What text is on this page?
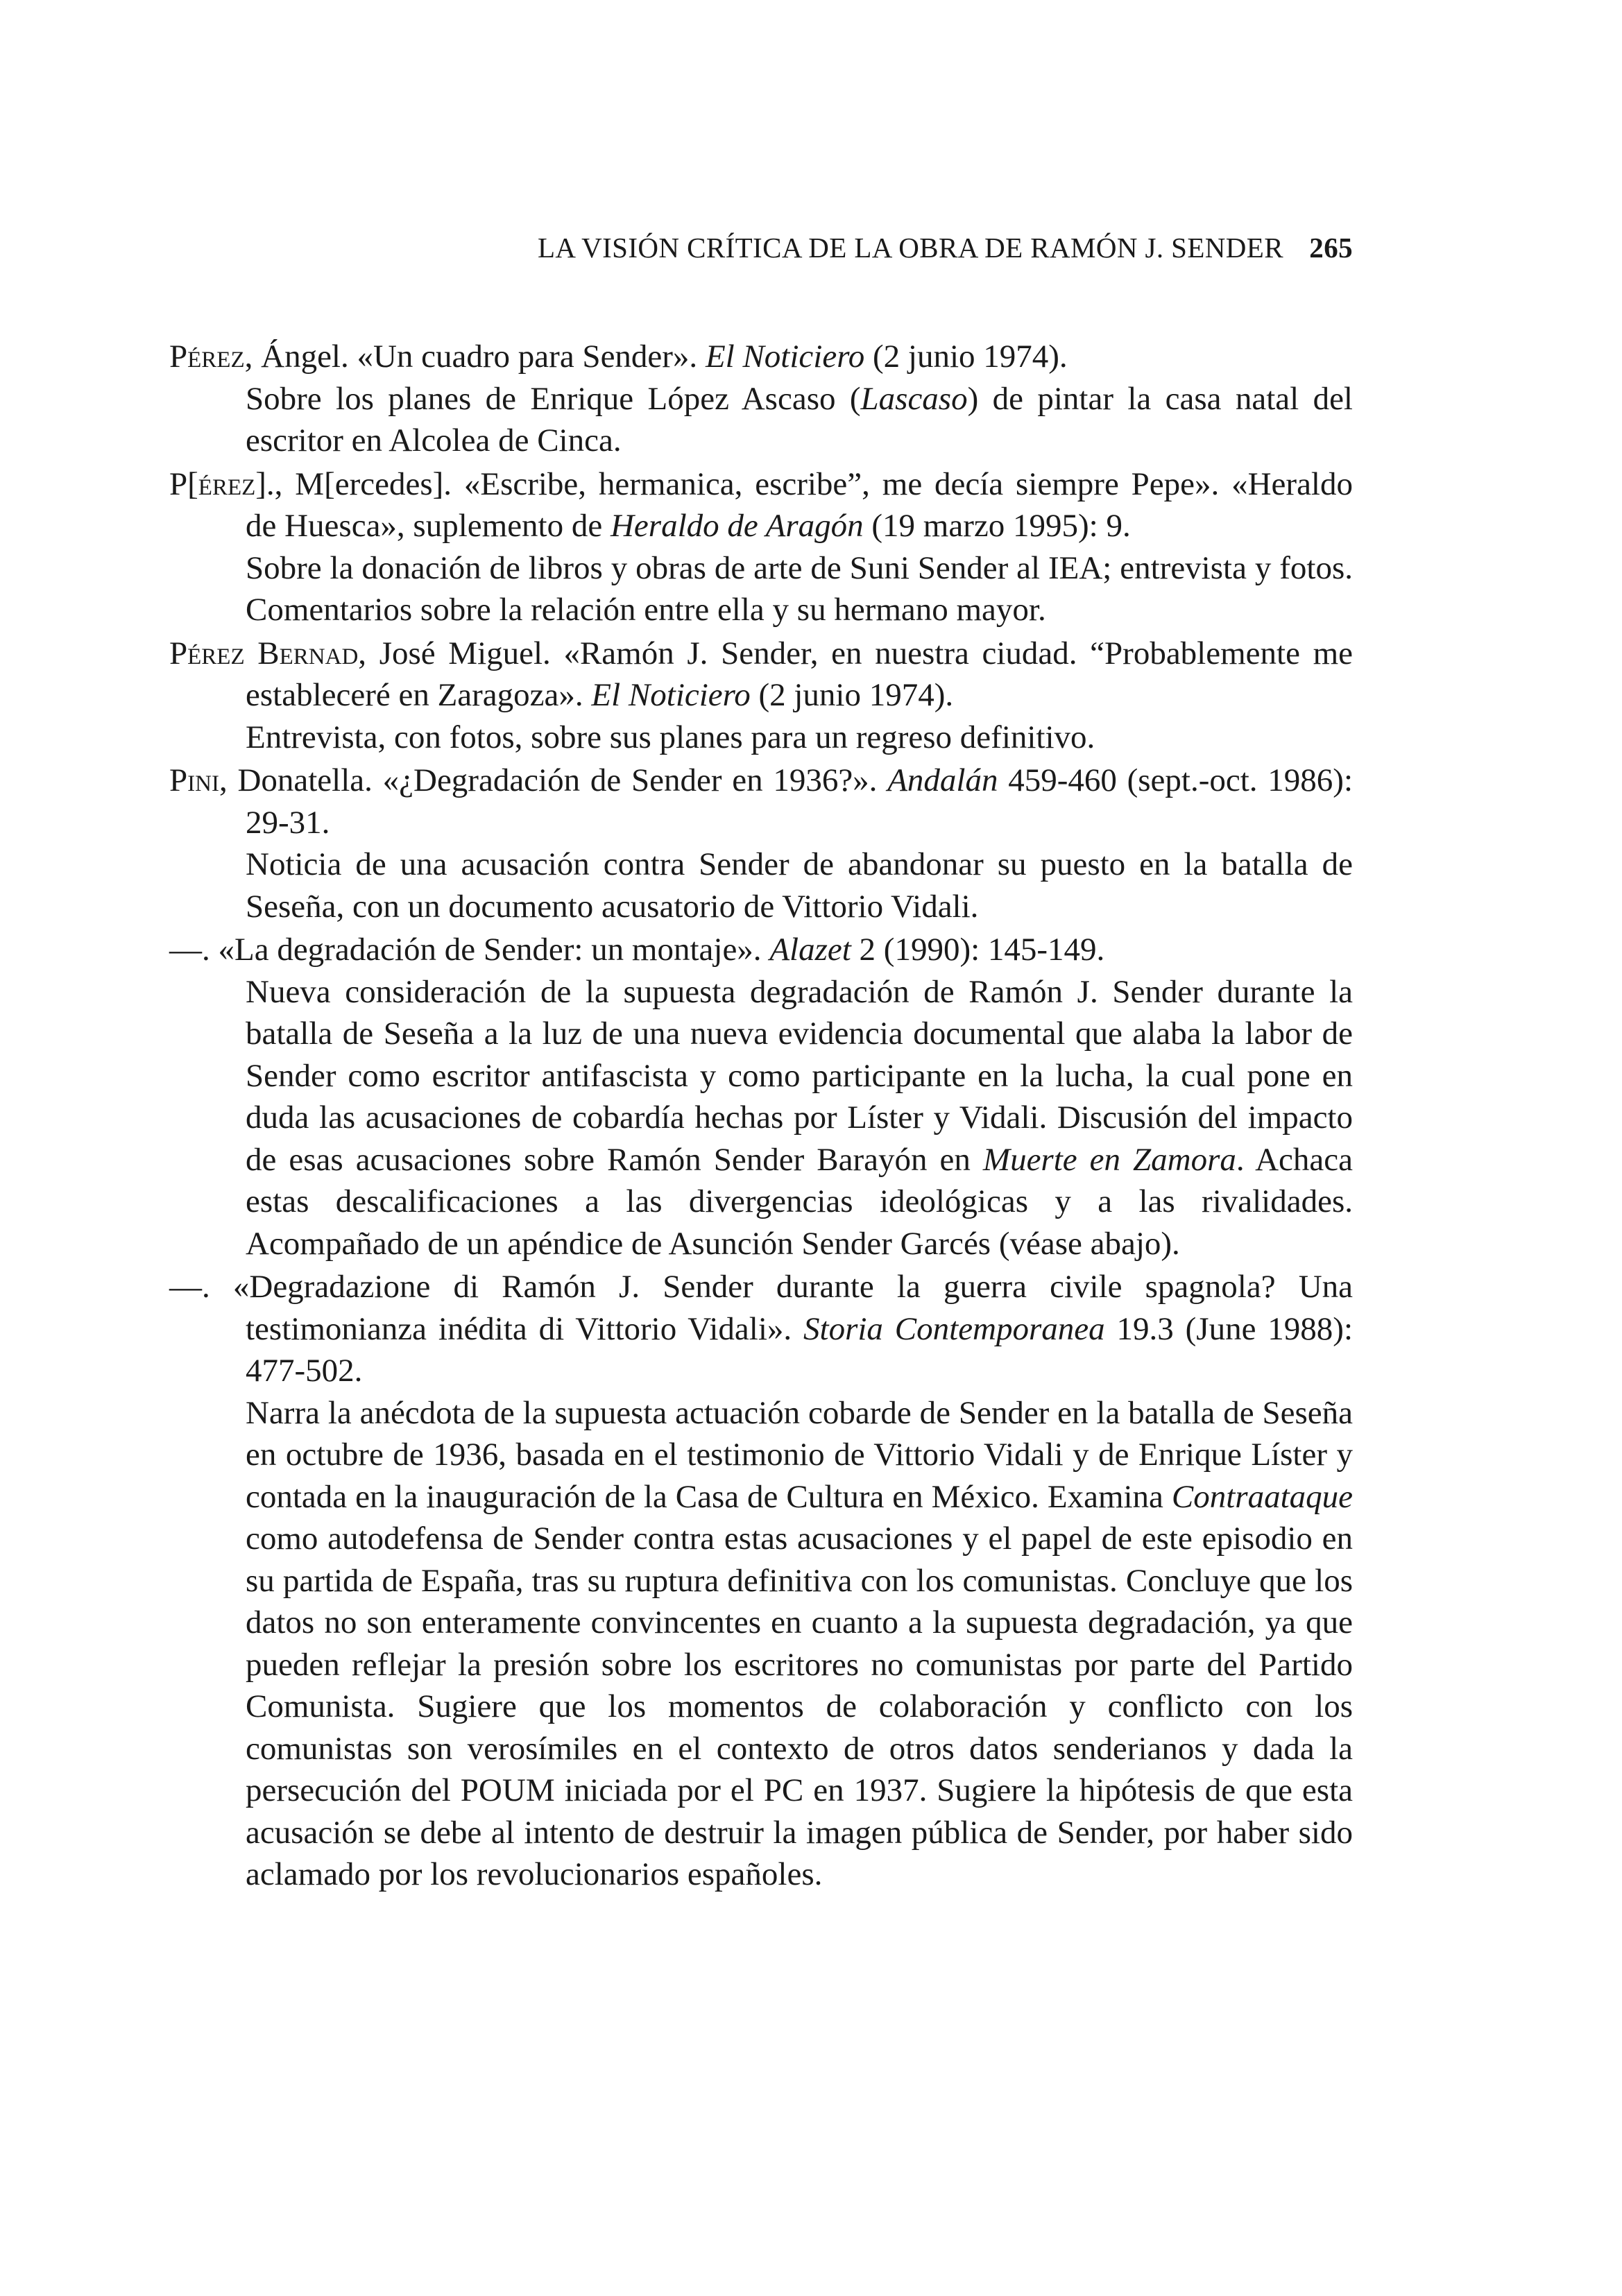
LA VISIÓN CRÍTICA DE LA OBRA DE RAMÓN J. SENDER 265
Pérez, Ángel. «Un cuadro para Sender». El Noticiero (2 junio 1974).
Sobre los planes de Enrique López Ascaso (Lascaso) de pintar la casa natal del escritor en Alcolea de Cinca.
P[érez]., M[ercedes]. «Escribe, hermanica, escribe”, me decía siempre Pepe». «Heraldo de Huesca», suplemento de Heraldo de Aragón (19 marzo 1995): 9.
Sobre la donación de libros y obras de arte de Suni Sender al IEA; entrevista y fotos. Comentarios sobre la relación entre ella y su hermano mayor.
Pérez Bernad, José Miguel. «Ramón J. Sender, en nuestra ciudad. “Probablemente me estableceré en Zaragoza». El Noticiero (2 junio 1974).
Entrevista, con fotos, sobre sus planes para un regreso definitivo.
Pini, Donatella. «¿Degradación de Sender en 1936?». Andalán 459-460 (sept.-oct. 1986): 29-31.
Noticia de una acusación contra Sender de abandonar su puesto en la batalla de Seseña, con un documento acusatorio de Vittorio Vidali.
—. «La degradación de Sender: un montaje». Alazet 2 (1990): 145-149.
Nueva consideración de la supuesta degradación de Ramón J. Sender durante la batalla de Seseña a la luz de una nueva evidencia documental que alaba la labor de Sender como escritor antifascista y como participante en la lucha, la cual pone en duda las acusaciones de cobardía hechas por Líster y Vidali. Discusión del impacto de esas acusaciones sobre Ramón Sender Barayón en Muerte en Zamora. Achaca estas descalificaciones a las divergencias ideológicas y a las rivalidades. Acompañado de un apéndice de Asunción Sender Garcés (véase abajo).
—. «Degradazione di Ramón J. Sender durante la guerra civile spagnola? Una testimonianza inédita di Vittorio Vidali». Storia Contemporanea 19.3 (June 1988): 477-502.
Narra la anécdota de la supuesta actuación cobarde de Sender en la batalla de Seseña en octubre de 1936, basada en el testimonio de Vittorio Vidali y de Enrique Líster y contada en la inauguración de la Casa de Cultura en México. Examina Contraataque como autodefensa de Sender contra estas acusaciones y el papel de este episodio en su partida de España, tras su ruptura definitiva con los comunistas. Concluye que los datos no son enteramente convincentes en cuanto a la supuesta degradación, ya que pueden reflejar la presión sobre los escritores no comunistas por parte del Partido Comunista. Sugiere que los momentos de colaboración y conflicto con los comunistas son verosímiles en el contexto de otros datos senderianos y dada la persecución del POUM iniciada por el PC en 1937. Sugiere la hipótesis de que esta acusación se debe al intento de destruir la imagen pública de Sender, por haber sido aclamado por los revolucionarios españoles.
